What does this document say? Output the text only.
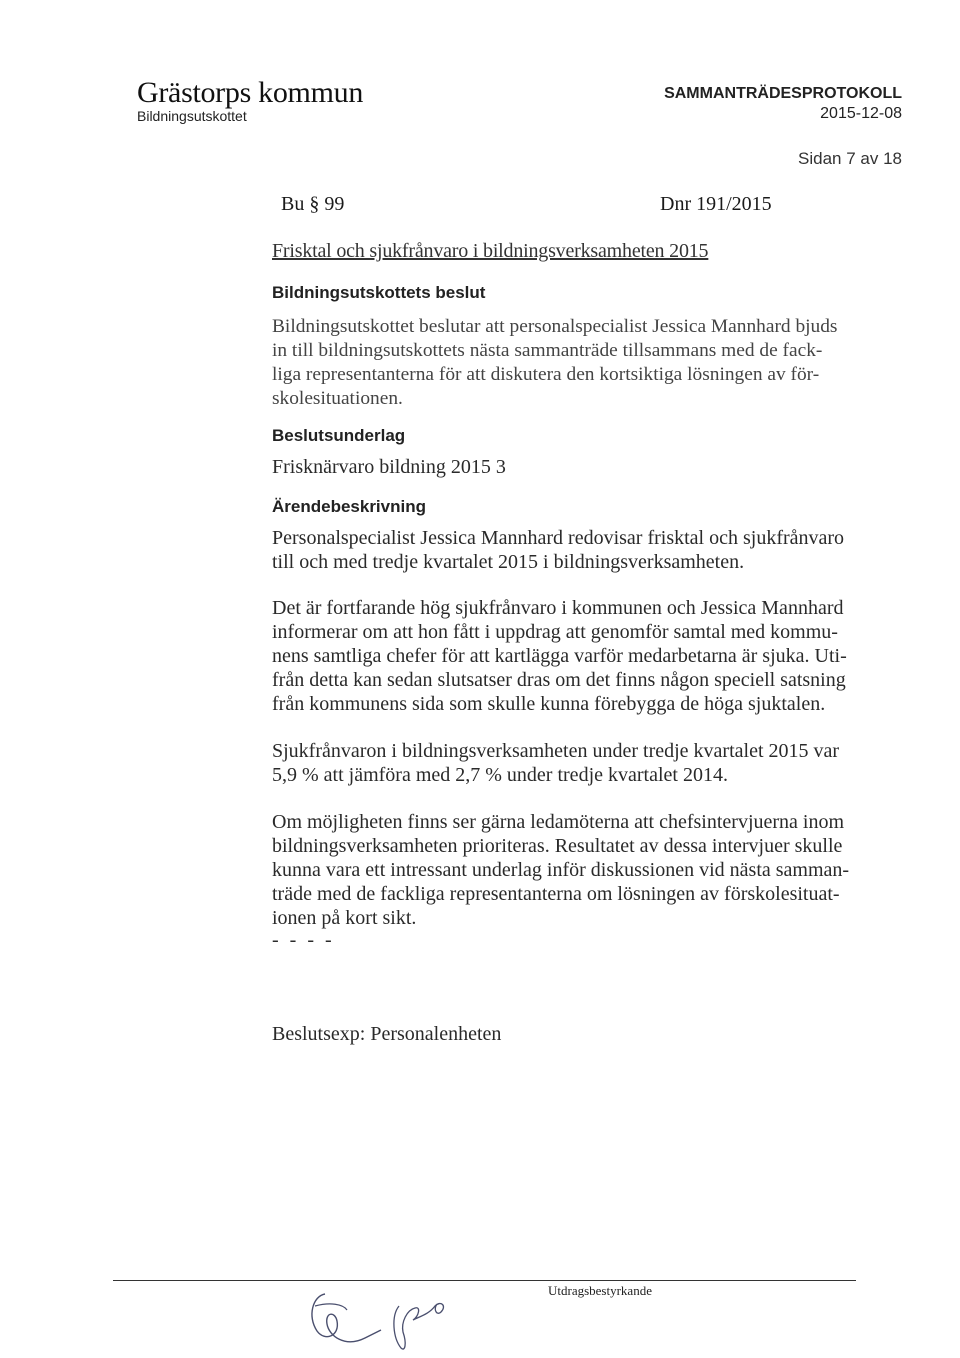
Grästorps kommun
Bildningsutskottet
SAMMANTRÄDESPROTOKOLL
2015-12-08
Sidan 7 av 18
Bu § 99	Dnr 191/2015
Frisktal och sjukfrånvaro i bildningsverksamheten 2015
Bildningsutskottets beslut
Bildningsutskottet beslutar att personalspecialist Jessica Mannhard bjuds
in till bildningsutskottets nästa sammanträde tillsammans med de fack-
liga representanterna för att diskutera den kortsiktiga lösningen av för-
skolesituationen.
Beslutsunderlag
Frisknärvaro bildning 2015 3
Ärendebeskrivning
Personalspecialist Jessica Mannhard redovisar frisktal och sjukfrånvaro
till och med tredje kvartalet 2015 i bildningsverksamheten.
Det är fortfarande hög sjukfrånvaro i kommunen och Jessica Mannhard
informerar om att hon fått i uppdrag att genomför samtal med kommu-
nens samtliga chefer för att kartlägga varför medarbetarna är sjuka. Uti-
från detta kan sedan slutsatser dras om det finns någon speciell satsning
från kommunens sida som skulle kunna förebygga de höga sjuktalen.
Sjukfrånvaron i bildningsverksamheten under tredje kvartalet 2015 var
5,9 % att jämföra med 2,7 % under tredje kvartalet 2014.
Om möjligheten finns ser gärna ledamöterna att chefsintervjuerna inom
bildningsverksamheten prioriteras. Resultatet av dessa intervjuer skulle
kunna vara ett intressant underlag inför diskussionen vid nästa samman-
träde med de fackliga representanterna om lösningen av förskolesituat-
ionen på kort sikt.
- - - -
Beslutsexp: Personalenheten
Utdragsbestyrkande
